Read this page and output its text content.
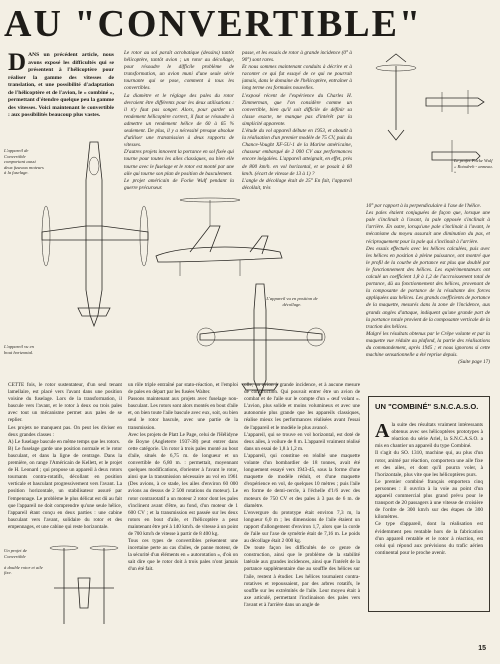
AU "CONVERTIBLE"
D ANS un précédent article, nous avons exposé les difficultés qui se présentent à l'hélicoptère pour réaliser la gamme des vitesses de translation, et une possibilité d'adaptation de l'hélicoptère et de l'avion, le « combiné », permettant d'étendre quelque peu la gamme des vitesses. Voici maintenant le convertible : aux possibilités beaucoup plus vastes.
Le rotor au sol paraît acrobatique (dessins) tantôt hélicoptère, tantôt avion ; un rotor au décollage, pour résoudre le difficile problème de transformation, un avion muni d'une seule série tournante qui se pose, comment à tous les convertibles.
La diamètre et le réglage des pales du rotor devraient être différents pour les deux utilisations : il n'y faut pas songer. Alors, pour garder un rendement hélicoptère correct, il faut se résoudre à admettre un rendement hélice de 60 à 65 % seulement. De plus, il y a nécessité presque absolue d'utiliser une transmission à deux rapports de vitesses.
D'autres projets innovent la portance en sol fixée qui tourne pour toutes les ailes classiques, ou bien elle tourne avec le fuselage et le rotor est monté par une aile qui tourne son plan de position de basculement.
Le projet américain de Focke Wulf pendant la guerre précurseur.
passe, et les essais de rotor à grande incidence (0° à 90°) sont rares.
Et nous sommes maintenant conduits à décrire et à raconter ce qui fut essayé de ce qui ne pourrait jamais, dans le domaine de l'hélicoptère, entraîner à long terme ces formules nouvelles.
L'exposé récent de l'expérience du Charles H. Zimmerman, que l'on considère comme un convertible, bien qu'il soit difficile de définir sa classe exacte, ne manque pas d'intérêt par la simplicité apparente.
L'étude du vol appareil débute en 1953, et aboutit à la réalisation d'un premier modèle de 75 CV, puis du Chance-Vought XF-5U-1 de la Marine américaine, chasseur embarqué de 2 000 CV aux performances encore inégalées. L'appareil atteignait, en effet, près de 800 km/h. en vol horizontal, et se posait à 60 km/h. (écart de vitesse de 13 à 1) ?
L'angle de décollage était de 25° En fait, l'appareil décollait, très

10° par rapport à la perpendiculaire à l'axe de l'hélice.
Les pales étaient conjuguées de façon que, lorsque une pale s'inclinait à l'avant, la pale opposée s'inclinait à l'arrière. En outre, lorsqu'une pale s'inclinait à l'avant, le mécanisme du moyeu assurait une diminution du pas, et réciproquement pour la pale qui s'inclinait à l'arrière.
Des essais effectués avec les hélices calculées, puis avec les hélices en position à pleine puissance, ont montré que le profil de la courbe de portance est plus que doublé par le fonctionnement des hélices. Les expérimentateurs ont calculé un coefficient 1,8 à 1,2 de l'accroissement total de portance, dû au fonctionnement des hélices, provenant de la composante de portance de la résultante des forces appliquées aux hélices. Les grands coefficients de portance de la maquette, mesurés dans la zone de l'incidence, aux grands angles d'attaque, indiquent qu'une grande part de la portance totale provient de la composante verticale de la traction des hélices.
Malgré les résultats obtenus par le Crêpe volante et par la maquette vue réduite au plafond, la partie des réalisations du commandement, après 1945 ; et nous ignorons si cette machine sensationnelle a été reprise depuis.

(Suite page 17)

L'appareil de Convertible comportant aussi deux fuseaux moteurs à la fuselage.
L'appareil vu en bout horizontal.
L'appareil vu en position de décollage.
Le projet Focke Wulf « Rotodreh - anneau. »
CETTE fois, le rotor sustentateur, d'un seul tenant lamellaire, est placé vers l'avant dans une position voisine du fuselage. Lors de la transformation, il bascule vers l'avant, et le rotor à deux ou trois pales avec tout un mécanisme permet aux pales de se replier.
Les projets ne manquent pas. On peut les diviser en deux grandes classes :
A) Le fuselage bascule en même temps que les rotors.
B) Le fuselage garde une position normale et le rotor basculant, et dans la ligne de centrage. Dans la première, on range l'Américain de Kellett, et le projet de H. Leonard ; qui propose un appareil à deux rotors tournants contra-rotatifs, décollant en position verticale et basculant progressivement vers l'avant. La position horizontale, un stabilisateur assuré par l'empennage. Le problème le plus délicat est dû au fait que l'appareil ne doit comprendre qu'une seule hélice, l'appareil étant conçu en deux parties : une cabine basculant vers l'avant, solidaire du rotor et des empennages, et une cabine qui reste horizontale.
un rôle triple entraîné par stato-réaction, et l'emploi de pales en départ par les fusées Walter.
Passons maintenant aux projets avec fuselage non-basculant. Les rotors sont alors montés en bout d'aile et, on bien toute l'aile bascule avec eux, soit, ou bien seul le rotor bascule, avec une partie de la transmission.
Avec les projets de Platt Le Page, celui de l'Hélidyne de Boyne (Angleterre 1937-38) peut entrer dans cette catégorie. Un rotor à trois pales monté au bout d'aile, situés de 6,75 m. de longueur et un convertible de 6,80 m. : permettait, moyennant quelques modifications, d'orienter à l'avant le rotor, ainsi que la transmission nécessaire au vol en 1961 (Des avions, à ce stade, les ailes d'environ 60 000 avions au dessus de 2 500 rotations du moteur). Le rotor contrarotatif a un moteur 2 rotor dont les pales s'inclinent avant d'être, au fond, d'un moteur de 1 600 CV ; et la transmission est passée sur les deux rotors en bout d'aile, et l'hélicoptère a peut maintenant être pré à 140 km/h. de vitesse à un point de 700 km/h de vitesse à partir de 8 400 kg.
Tous ces types de convertibles présentent une incertaine perte au cas d'ailes, de panne moteur, de la sécurité d'un éléments en « autorotation », d'où on sait dire que le rotor doit à trois pales n'ont jamais d'un été fait.
olle, un avion à grande incidence, et à aucune mesure de construction. Qui pouvait entrer être un avion de combat et de l'aile sur le compte d'un « œuf volant ». L'avion, plus solide et moins volumineux et avec une autonomie plus grande que les appareils classiques, réalise mieux les performances réalisées avant l'essai de l'appareil et le modèle le plus avancé.
L'appareil, qui se trouve en vol horizontal, est doté de deux ailes, à voilure de 8 m. L'appareil vraiment réalisé dans un essai de 1,8 à 1,2 m.
L'appareil, qui constitue en réalité une maquette volante d'un bombardier de 18 tonnes, avait été longuement essayé vers 1943-45, sous la forme d'une maquette de modèle réduit, et d'une maquette d'expérience en vol, de quelques 10 mètres ; puis l'aile en forme de demi-cercle, à l'échelle d'1/6 avec des moteurs de 750 CV et des pales à 3 pas de 6 m. de diamètre.
L'envergure du prototype était environ 7,3 m, la longueur 6,0 m ; les dimensions de l'aile étaient un rapport d'allongement d'environ 1,7, alors que la corde de l'aile sur l'axe de symétrie était de 7,16 m. Le poids au décollage était 2 000 kg.
De toute façon les difficultés de ce genre de construction, ainsi que le problème de la stabilité latérale aux grandes incidences, ainsi que l'intérêt de la portance supplémentaire due au souffle des hélices sur l'aile, restent à étudier. Les hélices tournaient contra-rotatives et repoussaient, par des arbres rotatifs, le souffle sur les extrémités de l'aile. Leur moyeu était à axe articulé, permettant l'inclinaison des pales vers l'avant et à l'arrière dans un angle de
Un projet de Convertible

à double rotor et aile fixe.
UN "COMBINÉ" S.N.C.A.S.O.

Ala suite des résultats vraiment intéressants obtenus avec ses hélicoptères prototypes à réaction du série Ariel, la S.N.C.A.S.O. a mis en chantier un appareil du type Combiné.
Il s'agit du SO. 1310, machine qui, au plus d'un rotor, animé par réaction, comportera une aile fixe et des ailes, et dont qu'il pourra voler, à l'horizontale, plus vite que les hélicoptères purs.
Le premier combiné français emportera cinq personnes : il ouvrira à la voie au point d'un appareil commercial plus grand prévu pour le transport de 20 passagers à une vitesse de croisière de l'ordre de 300 km/h sur des étapes de 300 kilomètres.
Ce type d'appareil, dont la réalisation est évidemment peu rentable hors de la fabrication d'un appareil rentable et le rotor à réaction, est celui qui répond aux prévisions du trafic aérien continental pour le proche avenir.

15
